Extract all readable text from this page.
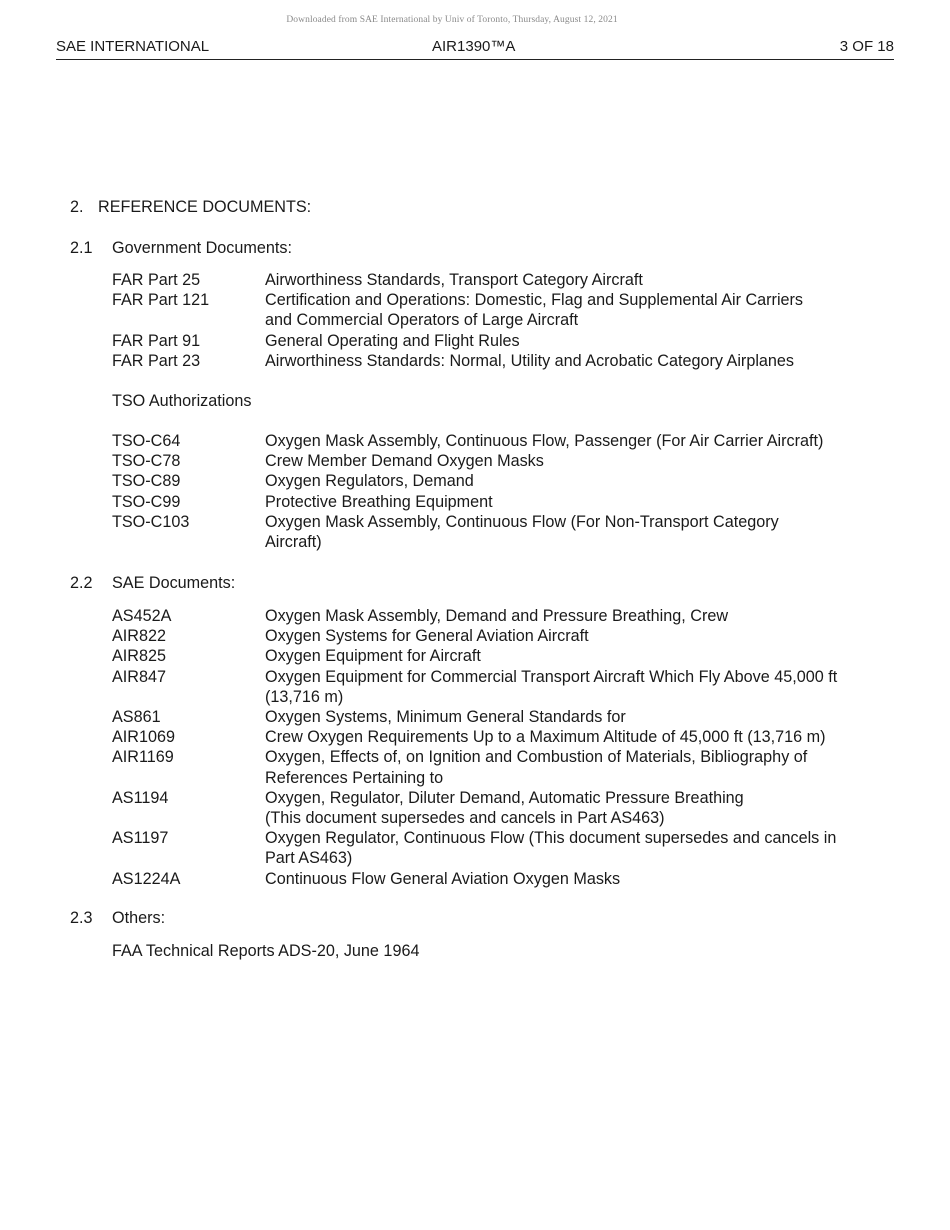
Downloaded from SAE International by Univ of Toronto, Thursday, August 12, 2021
SAE INTERNATIONAL	AIR1390™A	3 OF 18
2. REFERENCE DOCUMENTS:
2.1 Government Documents:
FAR Part 25	Airworthiness Standards, Transport Category Aircraft
FAR Part 121	Certification and Operations: Domestic, Flag and Supplemental Air Carriers
and Commercial Operators of Large Aircraft
FAR Part 91	General Operating and Flight Rules
FAR Part 23	Airworthiness Standards: Normal, Utility and Acrobatic Category Airplanes
TSO Authorizations
TSO-C64	Oxygen Mask Assembly, Continuous Flow, Passenger (For Air Carrier Aircraft)
TSO-C78	Crew Member Demand Oxygen Masks
TSO-C89	Oxygen Regulators, Demand
TSO-C99	Protective Breathing Equipment
TSO-C103	Oxygen Mask Assembly, Continuous Flow (For Non-Transport Category
Aircraft)
2.2 SAE Documents:
AS452A	Oxygen Mask Assembly, Demand and Pressure Breathing, Crew
AIR822	Oxygen Systems for General Aviation Aircraft
AIR825	Oxygen Equipment for Aircraft
AIR847	Oxygen Equipment for Commercial Transport Aircraft Which Fly Above 45,000 ft
(13,716 m)
AS861	Oxygen Systems, Minimum General Standards for
AIR1069	Crew Oxygen Requirements Up to a Maximum Altitude of 45,000 ft (13,716 m)
AIR1169	Oxygen, Effects of, on Ignition and Combustion of Materials, Bibliography of
References Pertaining to
AS1194	Oxygen, Regulator, Diluter Demand, Automatic Pressure Breathing
(This document supersedes and cancels in Part AS463)
AS1197	Oxygen Regulator, Continuous Flow (This document supersedes and cancels in
Part AS463)
AS1224A	Continuous Flow General Aviation Oxygen Masks
2.3 Others:
FAA Technical Reports ADS-20, June 1964
